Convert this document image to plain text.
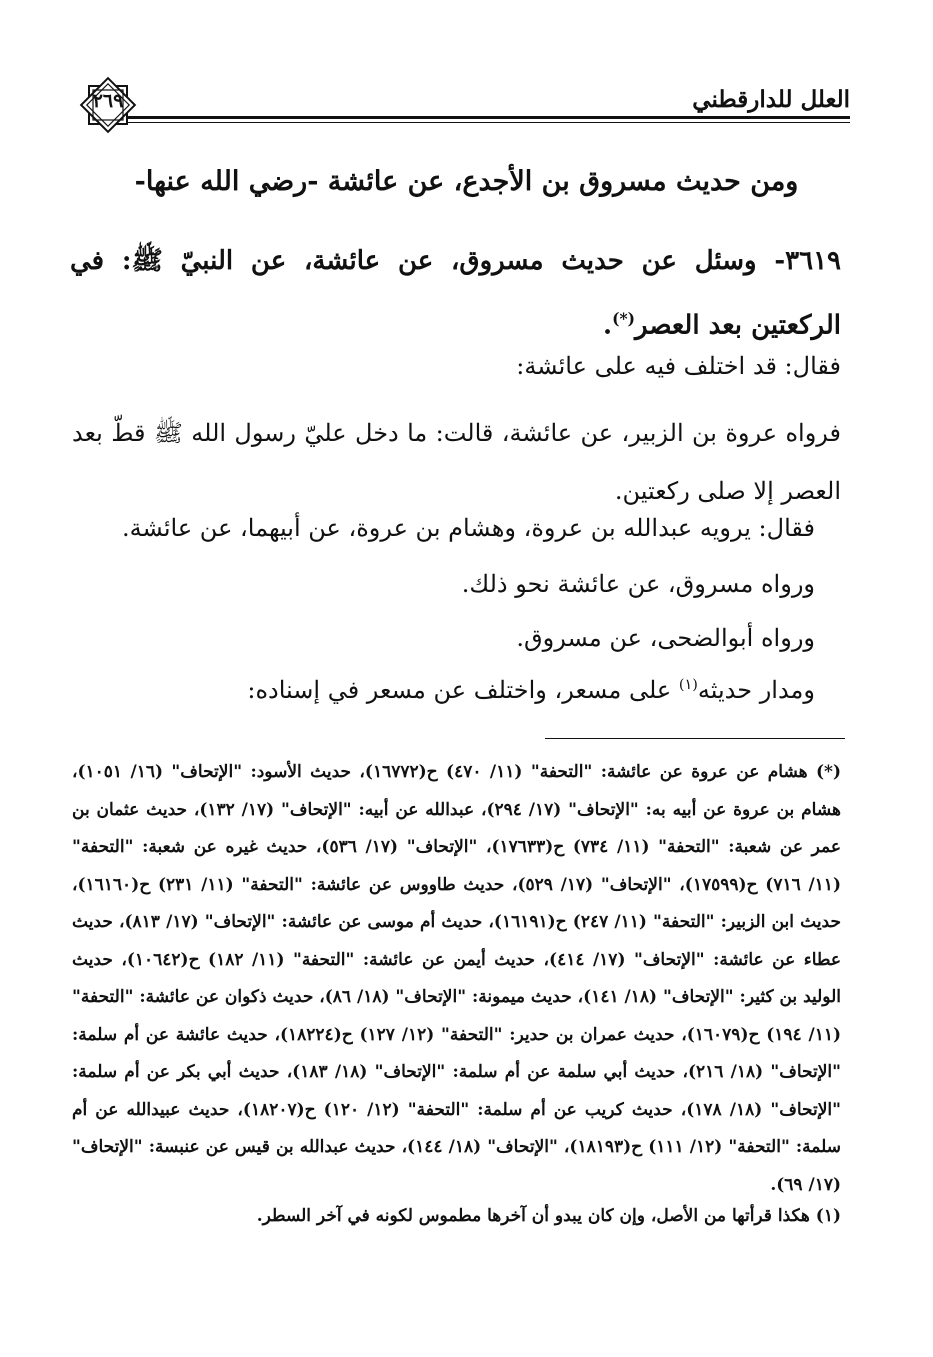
العلل للدارقطني
٢٦٩
ومن حديث مسروق بن الأجدع، عن عائشة -رضي الله عنها-
٣٦١٩- وسئل عن حديث مسروق، عن عائشة، عن النبيّ ﷺ: في الركعتين بعد العصر(*).
فقال: قد اختلف فيه على عائشة:
فرواه عروة بن الزبير، عن عائشة، قالت: ما دخل عليّ رسول الله ﷺ قطّ بعد العصر إلا صلى ركعتين.
فقال: يرويه عبدالله بن عروة، وهشام بن عروة، عن أبيهما، عن عائشة.
ورواه مسروق، عن عائشة نحو ذلك.
ورواه أبوالضحى، عن مسروق.
ومدار حديثه$^{(١)}$ على مسعر، واختلف عن مسعر في إسناده:
(*) هشام عن عروة عن عائشة: "التحفة" (١١/ ٤٧٠) ح(١٦٧٧٢)، حديث الأسود: "الإتحاف" (١٦/ ١٠٥١)، هشام بن عروة عن أبيه به: "الإتحاف" (١٧/ ٢٩٤)، عبدالله عن أبيه: "الإتحاف" (١٧/ ١٣٢)، حديث عثمان بن عمر عن شعبة: "التحفة" (١١/ ٧٣٤) ح(١٧٦٣٣)، "الإتحاف" (١٧/ ٥٣٦)، حديث غيره عن شعبة: "التحفة" (١١/ ٧١٦) ح(١٧٥٩٩)، "الإتحاف" (١٧/ ٥٢٩)، حديث طاووس عن عائشة: "التحفة" (١١/ ٢٣١) ح(١٦١٦٠)، حديث ابن الزبير: "التحفة" (١١/ ٢٤٧) ح(١٦١٩١)، حديث أم موسى عن عائشة: "الإتحاف" (١٧/ ٨١٣)، حديث عطاء عن عائشة: "الإتحاف" (١٧/ ٤١٤)، حديث أيمن عن عائشة: "التحفة" (١١/ ١٨٢) ح(١٠٦٤٢)، حديث الوليد بن كثير: "الإتحاف" (١٨/ ١٤١)، حديث ميمونة: "الإتحاف" (١٨/ ٨٦)، حديث ذكوان عن عائشة: "التحفة" (١١/ ١٩٤) ح(١٦٠٧٩)، حديث عمران بن حدير: "التحفة" (١٢/ ١٢٧) ح(١٨٢٢٤)، حديث عائشة عن أم سلمة: "الإتحاف" (١٨/ ٢١٦)، حديث أبي سلمة عن أم سلمة: "الإتحاف" (١٨/ ١٨٣)، حديث أبي بكر عن أم سلمة: "الإتحاف" (١٨/ ١٧٨)، حديث كريب عن أم سلمة: "التحفة" (١٢/ ١٢٠) ح(١٨٢٠٧)، حديث عبيدالله عن أم سلمة: "التحفة" (١٢/ ١١١) ح(١٨١٩٣)، "الإتحاف" (١٨/ ١٤٤)، حديث عبدالله بن قيس عن عنبسة: "الإتحاف" (١٧/ ٦٩).
(١) هكذا قرأتها من الأصل، وإن كان يبدو أن آخرها مطموس لكونه في آخر السطر.
